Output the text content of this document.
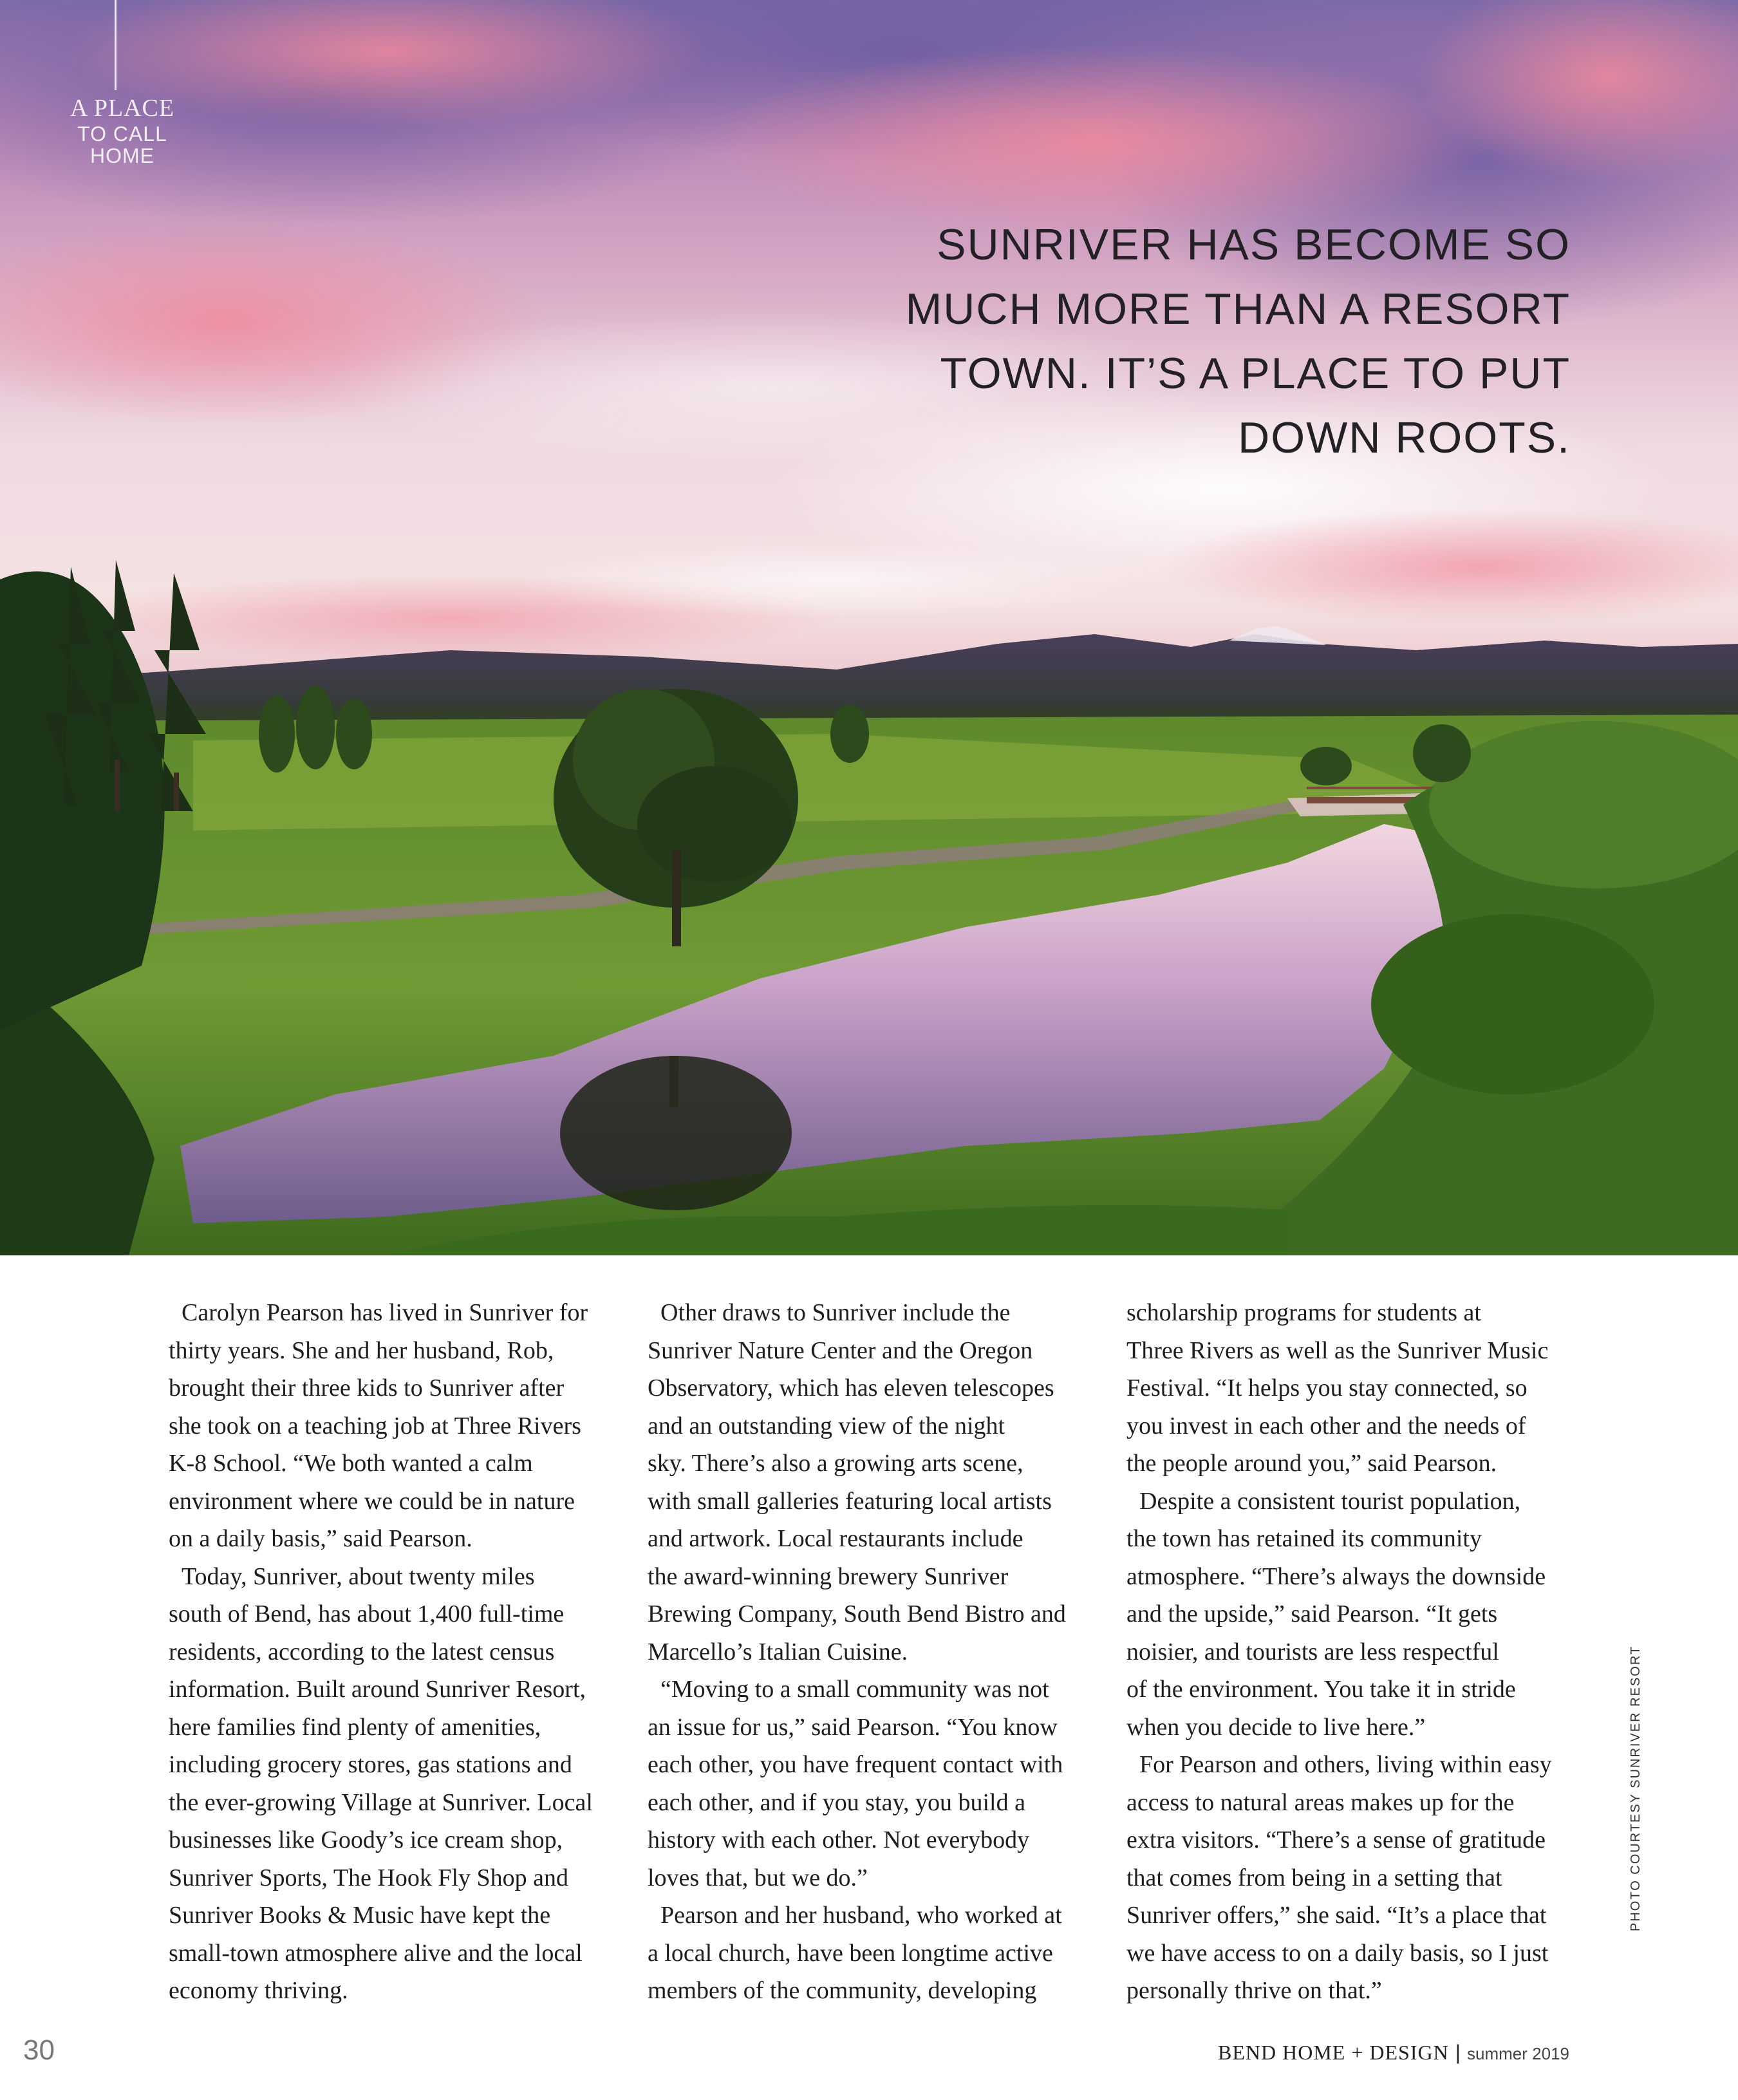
A PLACE
TO CALL
HOME
SUNRIVER HAS BECOME SO
MUCH MORE THAN A RESORT
TOWN. IT’S A PLACE TO PUT
DOWN ROOTS.

Carolyn Pearson has lived in Sunriver for
thirty years. She and her husband, Rob,
brought their three kids to Sunriver after
she took on a teaching job at Three Rivers
K-8 School. “We both wanted a calm
environment where we could be in nature
on a daily basis,” said Pearson.
Today, Sunriver, about twenty miles
south of Bend, has about 1,400 full-time
residents, according to the latest census
information. Built around Sunriver Resort,
here families find plenty of amenities,
including grocery stores, gas stations and
the ever-growing Village at Sunriver. Local
businesses like Goody’s ice cream shop,
Sunriver Sports, The Hook Fly Shop and
Sunriver Books & Music have kept the
small-town atmosphere alive and the local
economy thriving.

Other draws to Sunriver include the
Sunriver Nature Center and the Oregon
Observatory, which has eleven telescopes
and an outstanding view of the night
sky. There’s also a growing arts scene,
with small galleries featuring local artists
and artwork. Local restaurants include
the award-winning brewery Sunriver
Brewing Company, South Bend Bistro and
Marcello’s Italian Cuisine.
“Moving to a small community was not
an issue for us,” said Pearson. “You know
each other, you have frequent contact with
each other, and if you stay, you build a
history with each other. Not everybody
loves that, but we do.”
Pearson and her husband, who worked at
a local church, have been longtime active
members of the community, developing

scholarship programs for students at
Three Rivers as well as the Sunriver Music
Festival. “It helps you stay connected, so
you invest in each other and the needs of
the people around you,” said Pearson.
Despite a consistent tourist population,
the town has retained its community
atmosphere. “There’s always the downside
and the upside,” said Pearson. “It gets
noisier, and tourists are less respectful
of the environment. You take it in stride
when you decide to live here.”
For Pearson and others, living within easy
access to natural areas makes up for the
extra visitors. “There’s a sense of gratitude
that comes from being in a setting that
Sunriver offers,” she said. “It’s a place that
we have access to on a daily basis, so I just
personally thrive on that.”

PHOTO COURTESY SUNRIVER RESORT
30	BEND HOME + DESIGN | summer 2019
